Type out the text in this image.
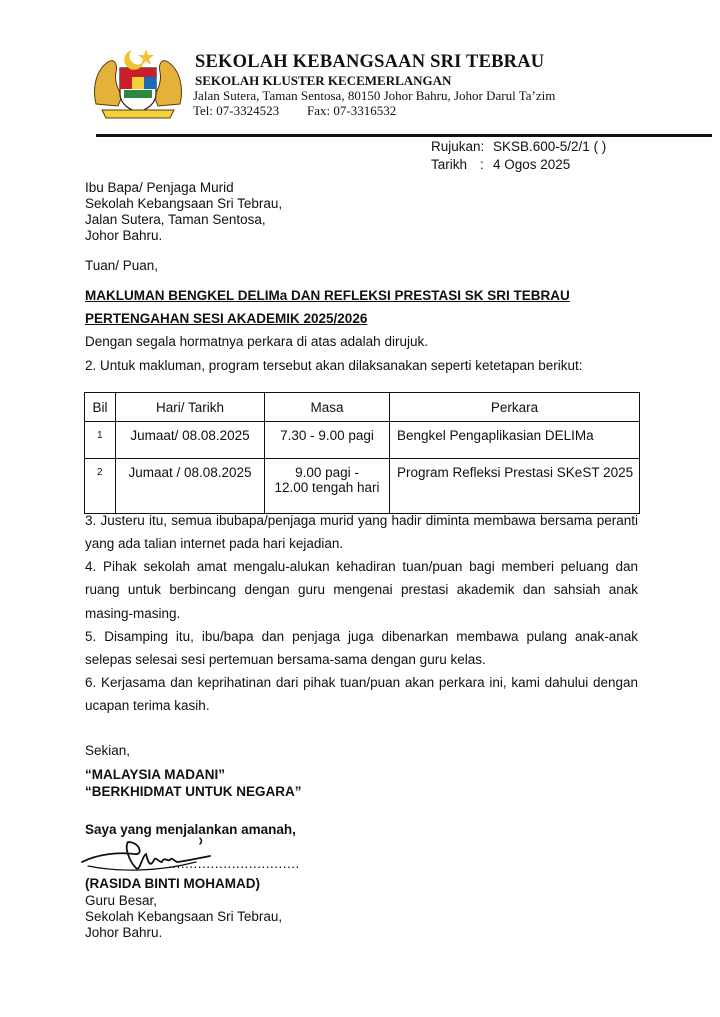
SEKOLAH KEBANGSAAN SRI TEBRAU
SEKOLAH KLUSTER KECEMERLANGAN
Jalan Sutera, Taman Sentosa, 80150 Johor Bahru, Johor Darul Ta’zim
Tel: 07-3324523 Fax: 07-3316532
Rujukan: SKSB.600-5/2/1 ( )
Tarikh : 4 Ogos 2025
Ibu Bapa/ Penjaga Murid
Sekolah Kebangsaan Sri Tebrau,
Jalan Sutera, Taman Sentosa,
Johor Bahru.
Tuan/ Puan,
MAKLUMAN BENGKEL DELIMa DAN REFLEKSI PRESTASI SK SRI TEBRAU
PERTENGAHAN SESI AKADEMIK 2025/2026
Dengan segala hormatnya perkara di atas adalah dirujuk.
2. Untuk makluman, program tersebut akan dilaksanakan seperti ketetapan berikut:
Bil	Hari/ Tarikh	Masa	Perkara
1	Jumaat/ 08.08.2025	7.30 - 9.00 pagi	Bengkel Pengaplikasian DELIMa
2	Jumaat / 08.08.2025	9.00 pagi -
12.00 tengah hari	Program Refleksi Prestasi SKeST 2025

3. Justeru itu, semua ibubapa/penjaga murid yang hadir diminta membawa bersama peranti yang ada talian internet pada hari kejadian.

4. Pihak sekolah amat mengalu-alukan kehadiran tuan/puan bagi memberi peluang dan ruang untuk berbincang dengan guru mengenai prestasi akademik dan sahsiah anak masing-masing.

5. Disamping itu, ibu/bapa dan penjaga juga dibenarkan membawa pulang anak-anak selepas selesai sesi pertemuan bersama-sama dengan guru kelas.

6. Kerjasama dan keprihatinan dari pihak tuan/puan akan perkara ini, kami dahului dengan ucapan terima kasih.

Sekian,
“MALAYSIA MADANI”
“BERKHIDMAT UNTUK NEGARA”
Saya yang menjalankan amanah,
...............................
(RASIDA BINTI MOHAMAD)
Guru Besar,
Sekolah Kebangsaan Sri Tebrau,
Johor Bahru.
